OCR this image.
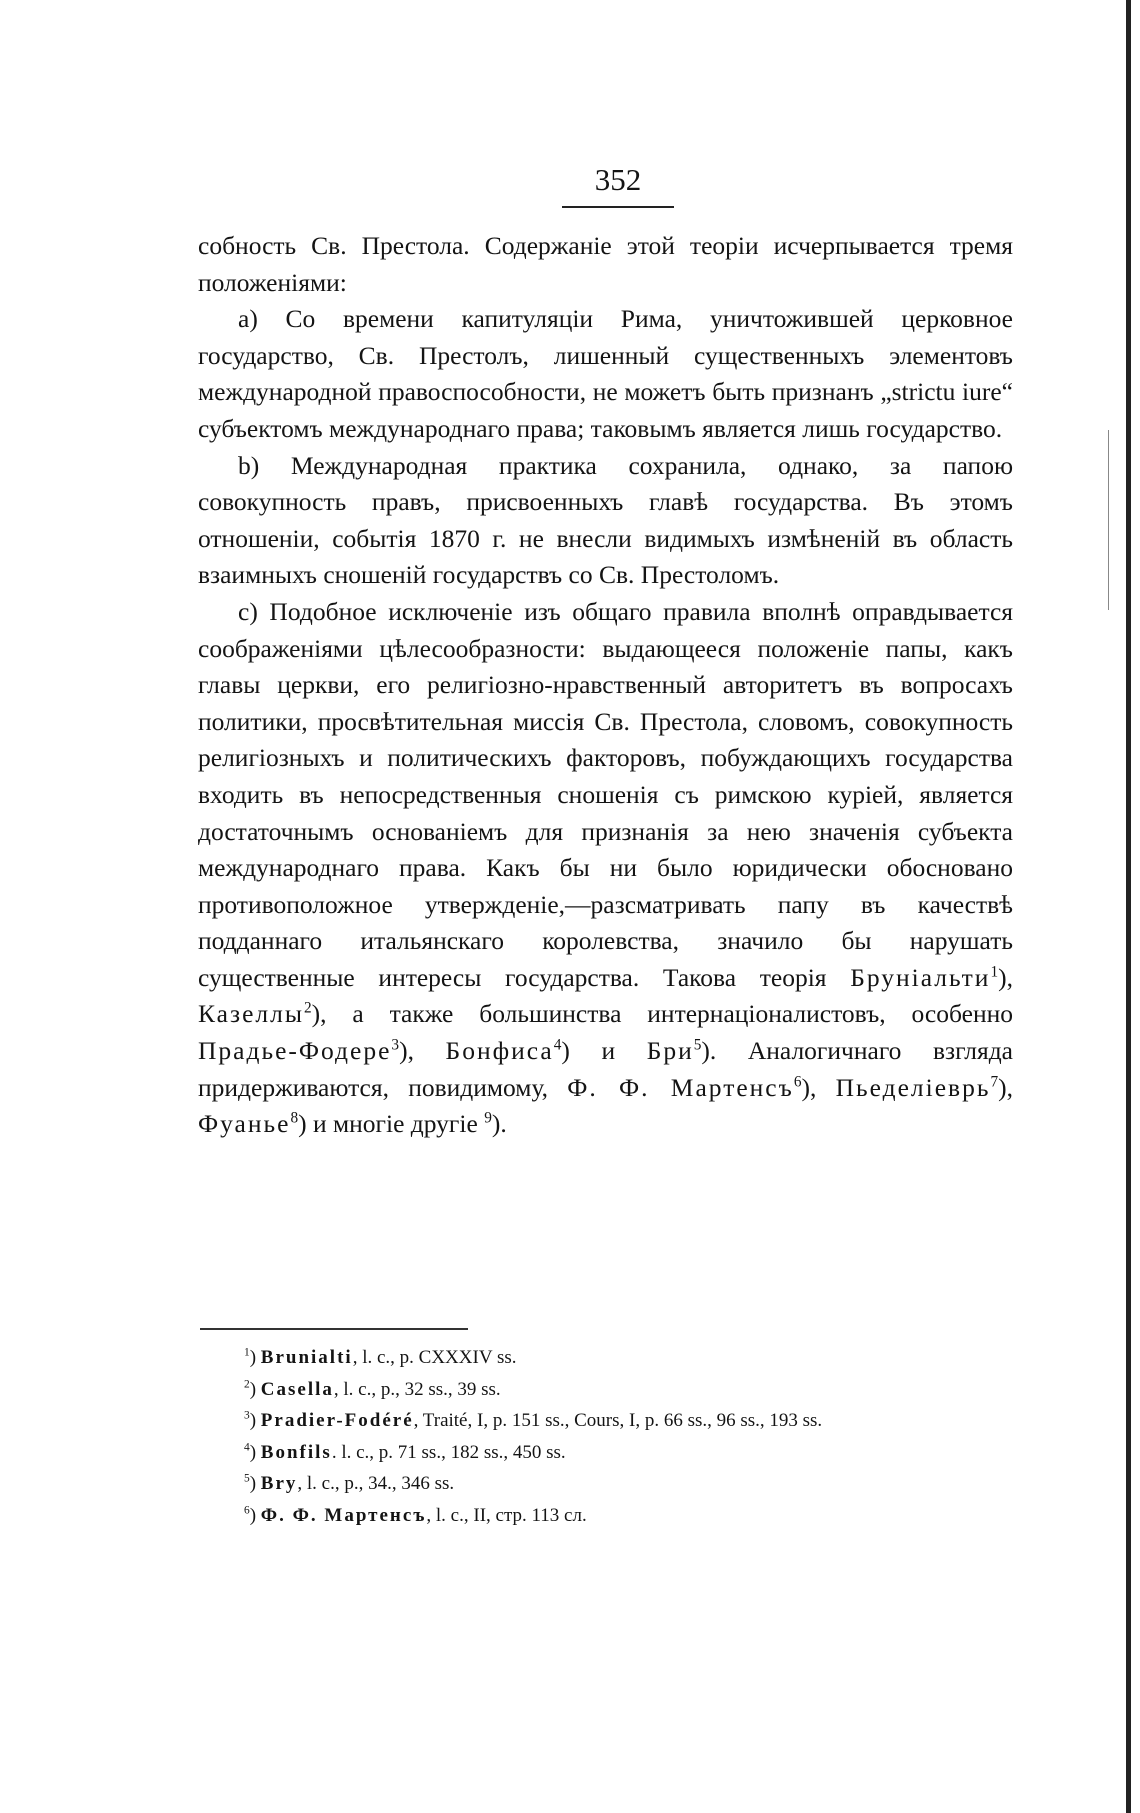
352

собность Св. Престола. Содержаніе этой теоріи исчерпывается тремя положеніями:

a) Со времени капитуляціи Рима, уничтожившей церковное государство, Св. Престолъ, лишенный существенныхъ элементовъ международной правоспособности, не можетъ быть признанъ „strictu iure“ субъектомъ международнаго права; таковымъ является лишь государство.

b) Международная практика сохранила, однако, за папою совокупность правъ, присвоенныхъ главѣ государства. Въ этомъ отношеніи, событія 1870 г. не внесли видимыхъ измѣненій въ область взаимныхъ сношеній государствъ со Св. Престоломъ.

c) Подобное исключеніе изъ общаго правила вполнѣ оправдывается соображеніями цѣлесообразности: выдающееся положеніе папы, какъ главы церкви, его религіозно-нравственный авторитетъ въ вопросахъ политики, просвѣтительная миссія Св. Престола, словомъ, совокупность религіозныхъ и политическихъ факторовъ, побуждающихъ государства входить въ непосредственныя сношенія съ римскою куріей, является достаточнымъ основаніемъ для признанія за нею значенія субъекта международнаго права. Какъ бы ни было юридически обосновано противоположное утвержденіе,—разсматривать папу въ качествѣ подданнаго итальянскаго королевства, значило бы нарушать существенные интересы государства. Такова теорія Бруніальти$^1$), Казеллы$^2$), а также большинства интернаціоналистовъ, особенно Прадье-Фодере$^3$), Бонфиса$^4$) и Бри$^5$). Аналогичнаго взгляда придерживаются, повидимому, Ф. Ф. Мартенсъ$^6$), Пьеделіеврь$^7$), Фуанье$^8$) и многіе другіе $^9$).

$^1$) Brunialti, l. c., p. CXXXIV ss.

$^2$) Casella, l. c., p., 32 ss., 39 ss.

$^3$) Pradier-Fodéré, Traité, I, p. 151 ss., Cours, I, p. 66 ss., 96 ss., 193 ss.

$^4$) Bonfils. l. c., p. 71 ss., 182 ss., 450 ss.

$^5$) Bry, l. c., p., 34., 346 ss.

$^6$) Ф. Ф. Мартенсъ, l. c., II, стр. 113 сл.
